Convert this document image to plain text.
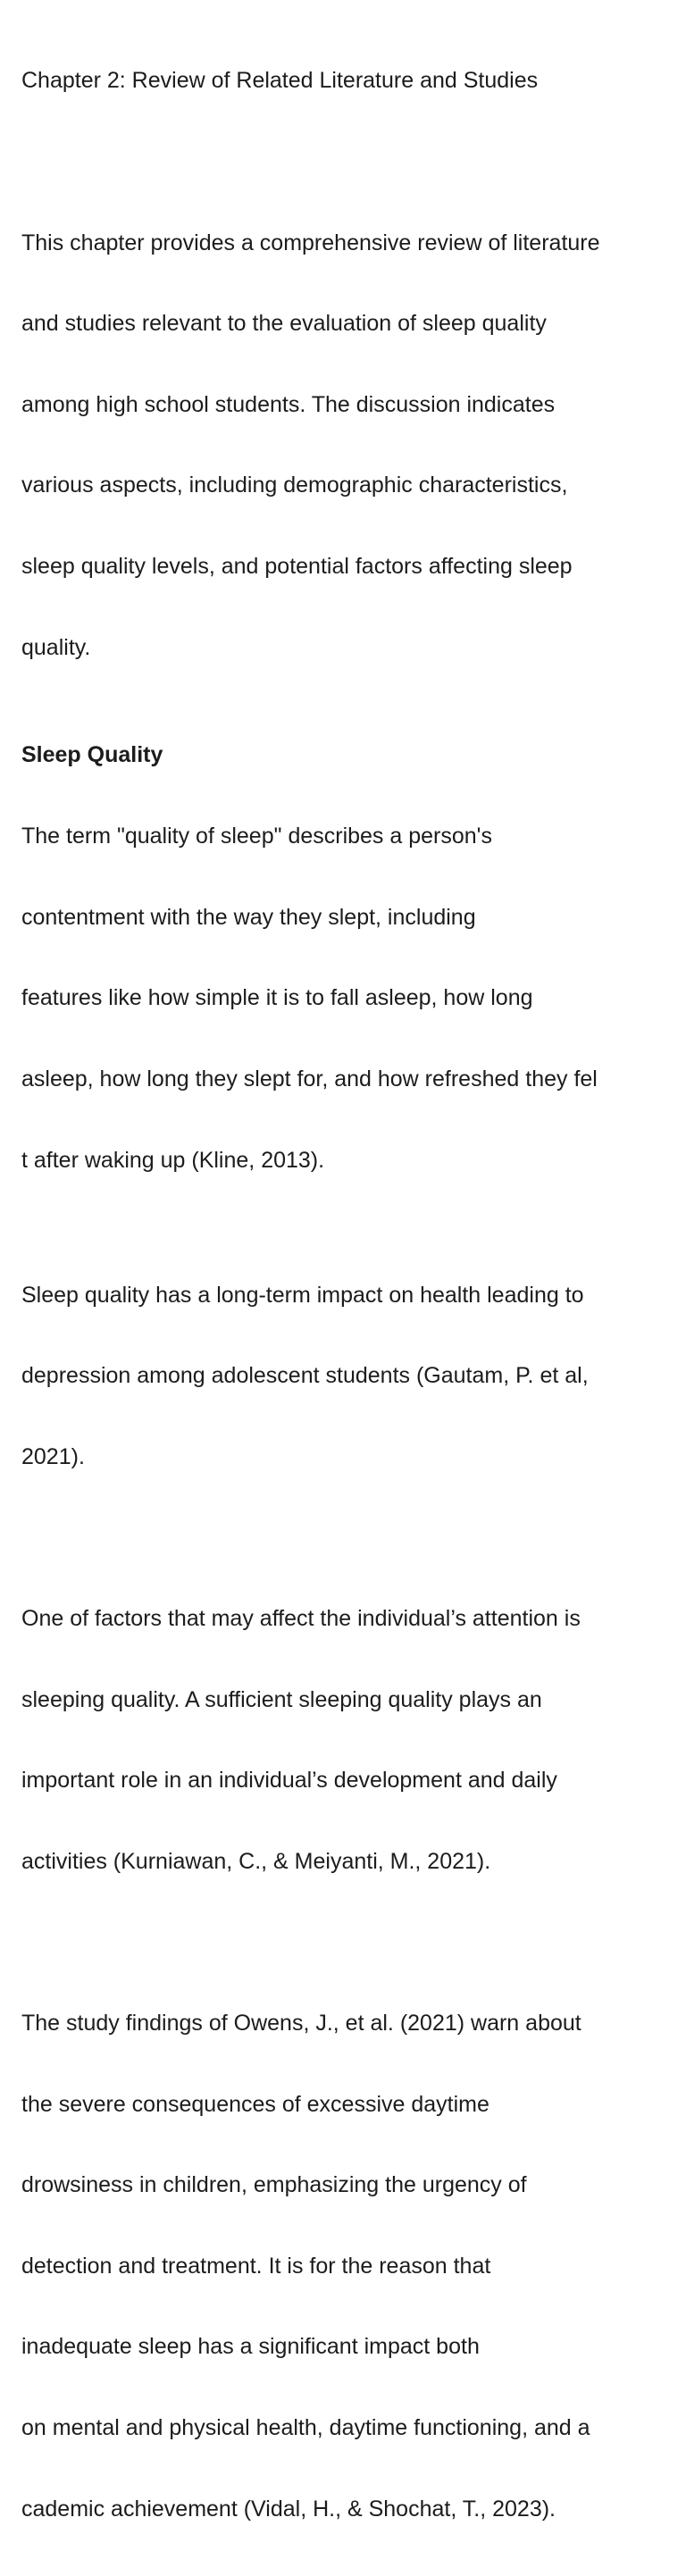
Chapter 2: Review of Related Literature and Studies

This chapter provides a comprehensive review of literature

and studies relevant to the evaluation of sleep quality

among high school students. The discussion indicates

various aspects, including demographic characteristics,

sleep quality levels, and potential factors affecting sleep

quality.

Sleep Quality

The term "quality of sleep" describes a person's

contentment with the way they slept, including

features like how simple it is to fall asleep, how long

asleep, how long they slept for, and how refreshed they fel

t after waking up (Kline, 2013).

Sleep quality has a long-term impact on health leading to

depression among adolescent students (Gautam, P. et al,

2021).

One of factors that may affect the individual’s attention is

sleeping quality. A sufficient sleeping quality plays an

important role in an individual’s development and daily

activities (Kurniawan, C., & Meiyanti, M., 2021).

The study findings of Owens, J., et al. (2021) warn about

the severe consequences of excessive daytime

drowsiness in children, emphasizing the urgency of

detection and treatment. It is for the reason that

inadequate sleep has a significant impact both

on mental and physical health, daytime functioning, and a

cademic achievement (Vidal, H., & Shochat, T., 2023).
